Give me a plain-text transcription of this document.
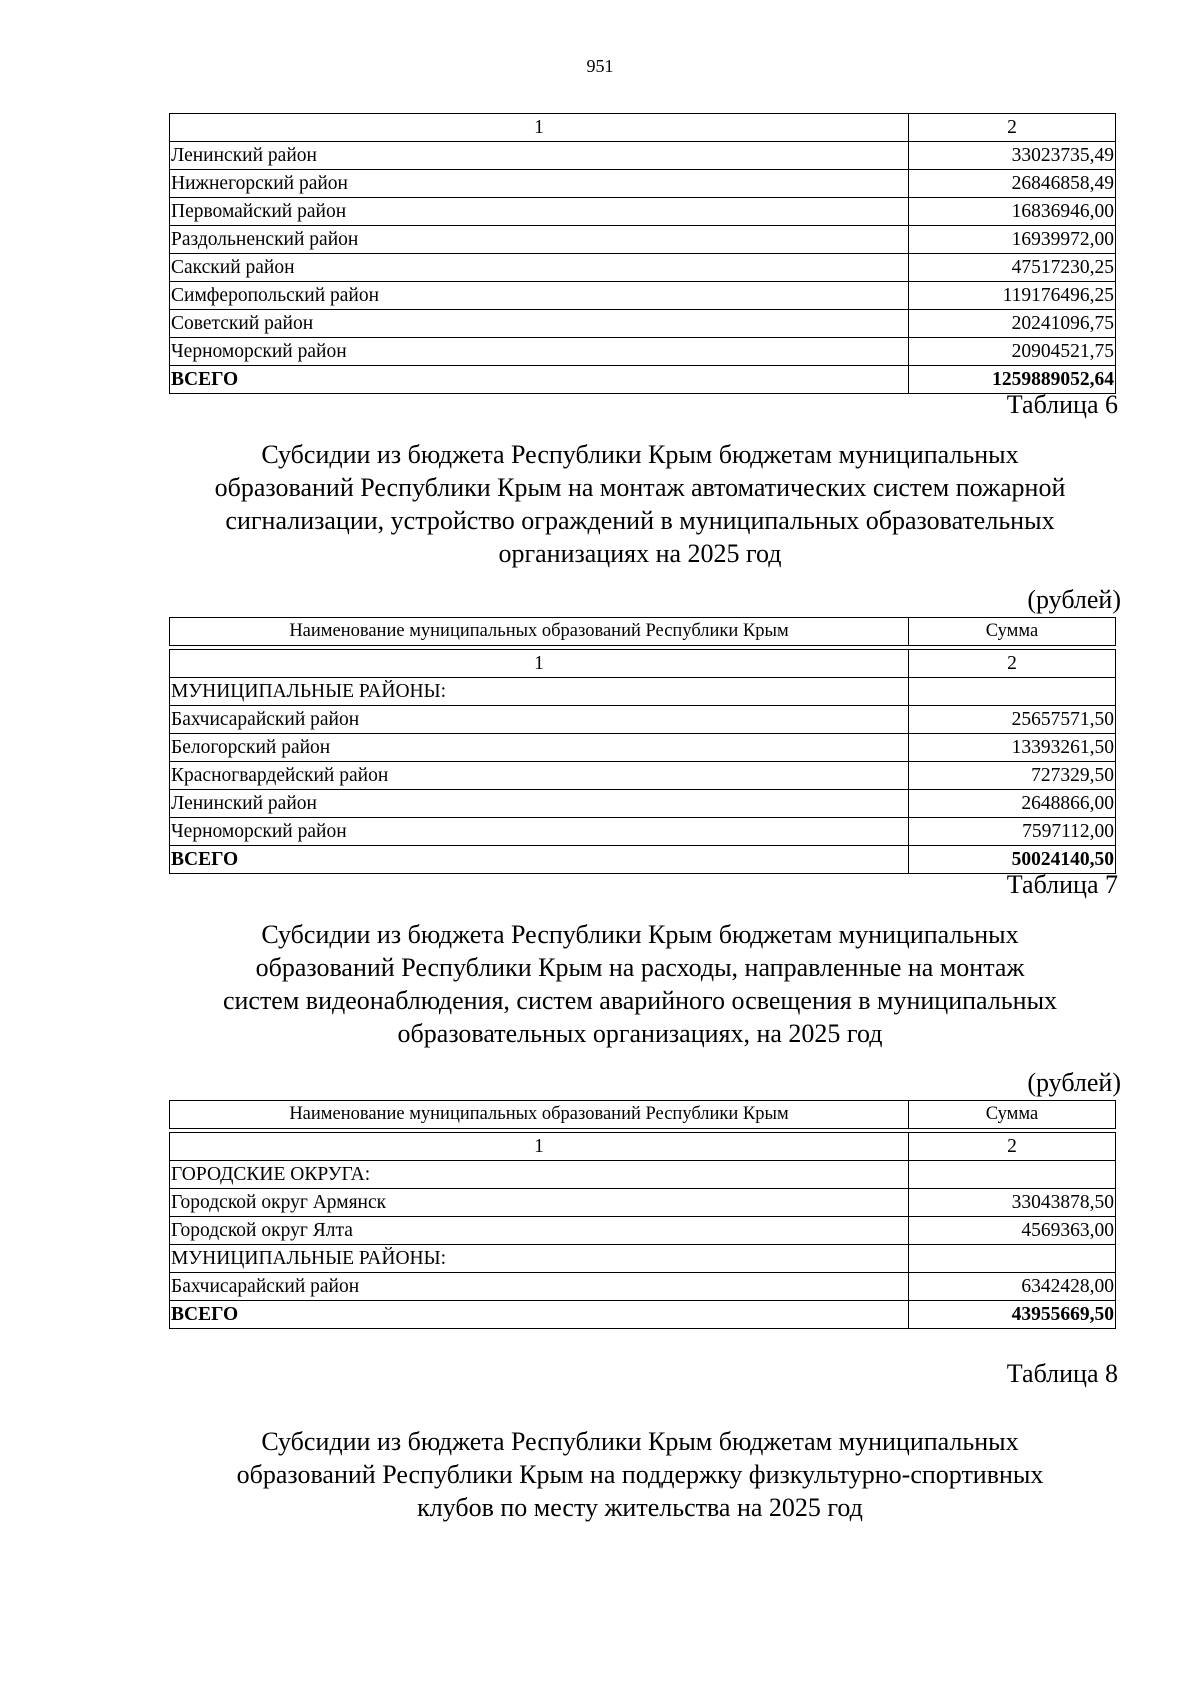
951
1	2
Ленинский район	33023735,49
Нижнегорский район	26846858,49
Первомайский район	16836946,00
Раздольненский район	16939972,00
Сакский район	47517230,25
Симферопольский район	119176496,25
Советский район	20241096,75
Черноморский район	20904521,75
ВСЕГО	1259889052,64
Таблица 6
Субсидии из бюджета Республики Крым бюджетам муниципальных
образований Республики Крым на монтаж автоматических систем пожарной
сигнализации, устройство ограждений в муниципальных образовательных
организациях на 2025 год
(рублей)
Наименование муниципальных образований Республики Крым	Сумма

1	2
МУНИЦИПАЛЬНЫЕ РАЙОНЫ:	
Бахчисарайский район	25657571,50
Белогорский район	13393261,50
Красногвардейский район	727329,50
Ленинский район	2648866,00
Черноморский район	7597112,00
ВСЕГО	50024140,50
Таблица 7
Субсидии из бюджета Республики Крым бюджетам муниципальных
образований Республики Крым на расходы, направленные на монтаж
систем видеонаблюдения, систем аварийного освещения в муниципальных
образовательных организациях, на 2025 год
(рублей)
Наименование муниципальных образований Республики Крым	Сумма

1	2
ГОРОДСКИЕ ОКРУГА:	
Городской округ Армянск	33043878,50
Городской округ Ялта	4569363,00
МУНИЦИПАЛЬНЫЕ РАЙОНЫ:	
Бахчисарайский район	6342428,00
ВСЕГО	43955669,50
Таблица 8
Субсидии из бюджета Республики Крым бюджетам муниципальных
образований Республики Крым на поддержку физкультурно-спортивных
клубов по месту жительства на 2025 год
